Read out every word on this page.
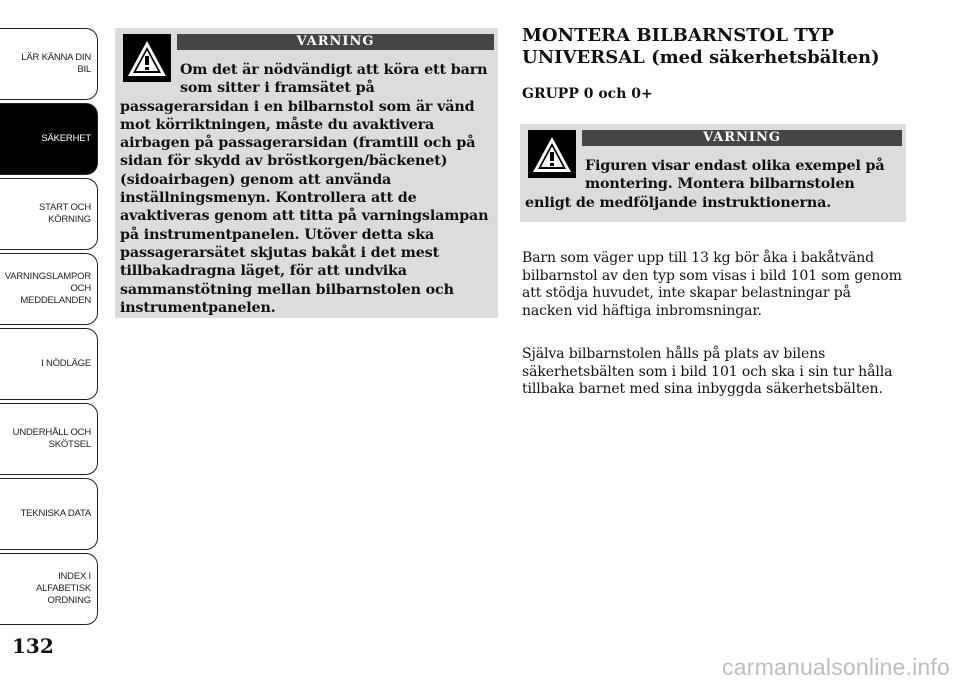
LÄR KÄNNA DIN
BIL
SÄKERHET
START OCH
KÖRNING
VARNINGSLAMPOR
OCH
MEDDELANDEN
I NÖDLÄGE
UNDERHÅLL OCH
SKÖTSEL
TEKNISKA DATA
INDEX I
ALFABETISK
ORDNING
132
VARNING
Om det är nödvändigt att köra ett barn som sitter i framsätet på
passagerarsidan i en bilbarnstol som är vänd mot körriktningen, måste du avaktivera airbagen på passagerarsidan (framtill och på sidan för skydd av bröstkorgen/bäckenet) (sidoairbagen) genom att använda inställningsmenyn. Kontrollera att de avaktiveras genom att titta på varningslampan på instrumentpanelen. Utöver detta ska passagerarsätet skjutas bakåt i det mest tillbakadragna läget, för att undvika sammanstötning mellan bilbarnstolen och instrumentpanelen.
MONTERA BILBARNSTOL TYP
UNIVERSAL (med säkerhetsbälten)
GRUPP 0 och 0+
VARNING
Figuren visar endast olika exempel på montering. Montera bilbarnstolen
enligt de medföljande instruktionerna.

Barn som väger upp till 13 kg bör åka i bakåtvänd bilbarnstol av den typ som visas i bild 101 som genom att stödja huvudet, inte skapar belastningar på nacken vid häftiga inbromsningar.

Själva bilbarnstolen hålls på plats av bilens säkerhetsbälten som i bild 101 och ska i sin tur hålla tillbaka barnet med sina inbyggda säkerhetsbälten.

carmanualsonline.info
